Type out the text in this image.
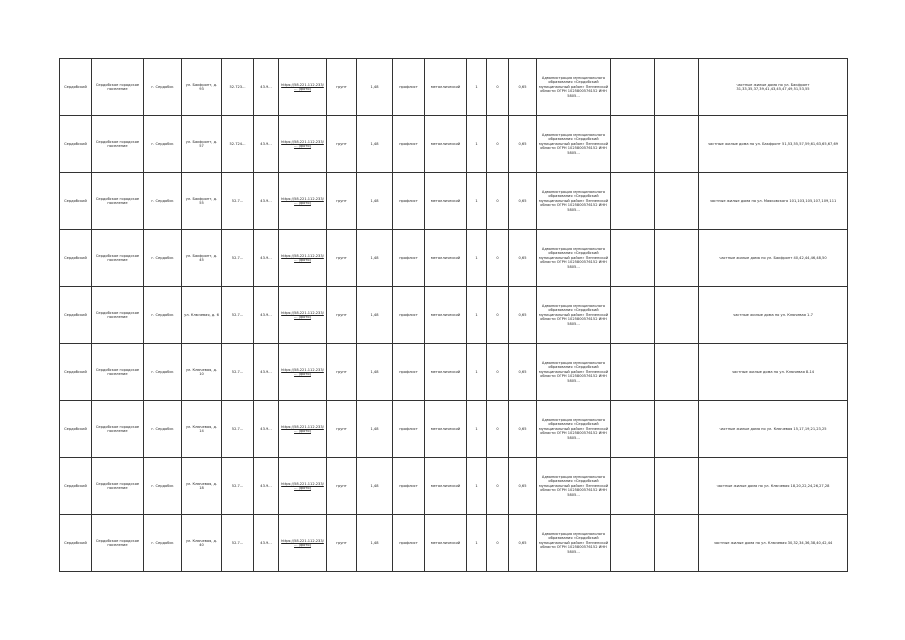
Сердобский	Сердобское городское поселение	г. Сердобск	ул. Бакфронт, д. 93	52.723...	43.9...	https://58.221.112.233/ ... (фото)	грунт	1,48	профлист	металлический	1	0	0,65	Администрация муниципального образования «Сердобский муниципальный район» Пензенской области ОГРН 1025800576152 ИНН 5805...			частные жилые дома по ул. Бакфронт 31,33,35,37,39,41,43,45,47,49,51,53,55
Сердобский	Сердобское городское поселение	г. Сердобск	ул. Бакфронт, д. 57	52.724...	43.9...	https://58.221.112.233/ ... (фото)	грунт	1,48	профлист	металлический	1	0	0,65	Администрация муниципального образования «Сердобский муниципальный район» Пензенской области ОГРН 1025800576152 ИНН 5805...			частные жилые дома по ул. Бакфронт 51,53,55,57,59,61,63,65,67,69
Сердобский	Сердобское городское поселение	г. Сердобск	ул. Бакфронт, д. 55	52.7...	43.9...	https://58.221.112.233/ ... (фото)	грунт	1,48	профлист	металлический	1	0	0,65	Администрация муниципального образования «Сердобский муниципальный район» Пензенской области ОГРН 1025800576152 ИНН 5805...			частные жилые дома по ул. Маяковского 101,103,105,107,109,111
Сердобский	Сердобское городское поселение	г. Сердобск	ул. Бакфронт, д. 45	52.7...	43.9...	https://58.221.112.233/ ... (фото)	грунт	1,48	профлист	металлический	1	0	0,65	Администрация муниципального образования «Сердобский муниципальный район» Пензенской области ОГРН 1025800576152 ИНН 5805...			частные жилые дома по ул. Бакфронт 40,42,44,46,48,50
Сердобский	Сердобское городское поселение	г. Сердобск	ул. Ключевая, д. 6	52.7...	43.9...	https://58.221.112.233/ ... (фото)	грунт	1,48	профлист	металлический	1	0	0,65	Администрация муниципального образования «Сердобский муниципальный район» Пензенской области ОГРН 1025800576152 ИНН 5805...			частные жилые дома по ул. Ключевая 1-7
Сердобский	Сердобское городское поселение	г. Сердобск	ул. Ключевая, д. 10	52.7...	43.9...	https://58.221.112.233/ ... (фото)	грунт	1,48	профлист	металлический	1	0	0,65	Администрация муниципального образования «Сердобский муниципальный район» Пензенской области ОГРН 1025800576152 ИНН 5805...			частные жилые дома по ул. Ключевая 8-14
Сердобский	Сердобское городское поселение	г. Сердобск	ул. Ключевая, д. 14	52.7...	43.9...	https://58.221.112.233/ ... (фото)	грунт	1,48	профлист	металлический	1	0	0,65	Администрация муниципального образования «Сердобский муниципальный район» Пензенской области ОГРН 1025800576152 ИНН 5805...			частные жилые дома по ул. Ключевая 15,17,19,21,23,25
Сердобский	Сердобское городское поселение	г. Сердобск	ул. Ключевая, д. 18	52.7...	43.9...	https://58.221.112.233/ ... (фото)	грунт	1,48	профлист	металлический	1	0	0,65	Администрация муниципального образования «Сердобский муниципальный район» Пензенской области ОГРН 1025800576152 ИНН 5805...			частные жилые дома по ул. Ключевая 18,20,22,24,26,27,28
Сердобский	Сердобское городское поселение	г. Сердобск	ул. Ключевая, д. 40	52.7...	43.9...	https://58.221.112.233/ ... (фото)	грунт	1,48	профлист	металлический	1	0	0,65	Администрация муниципального образования «Сердобский муниципальный район» Пензенской области ОГРН 1025800576152 ИНН 5805...			частные жилые дома по ул. Ключевая 30,32,34,36,38,40,42,44
